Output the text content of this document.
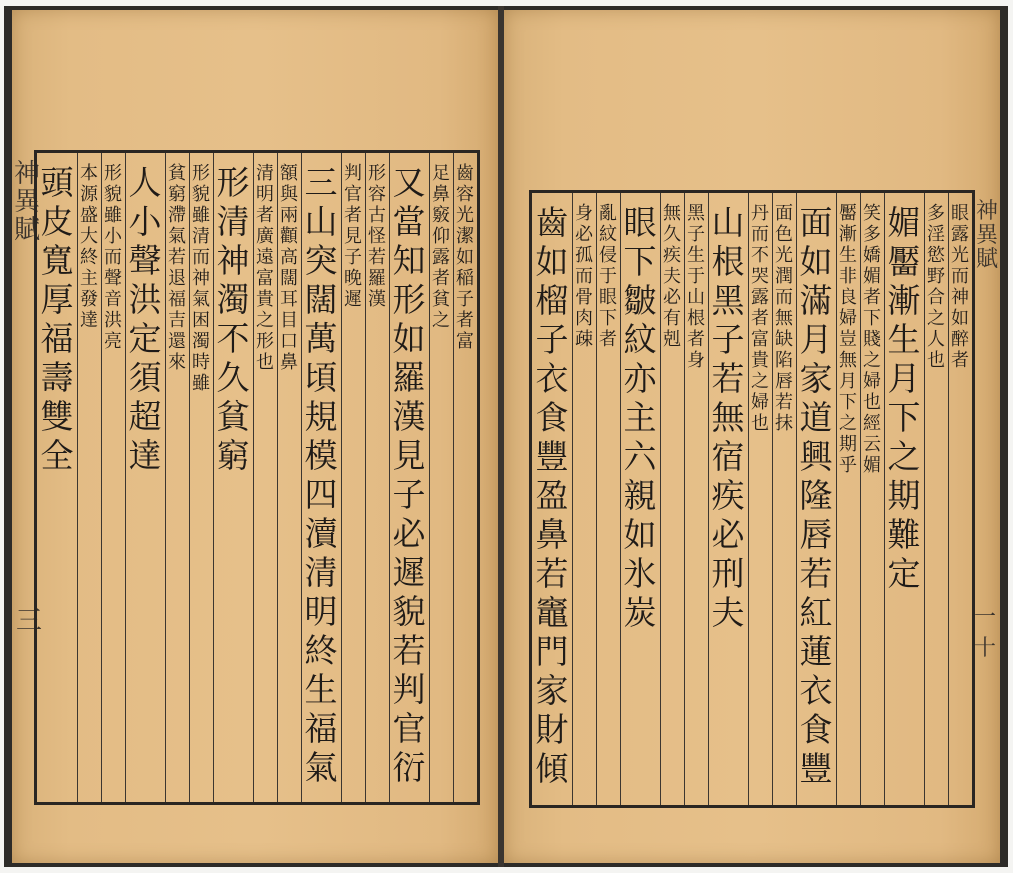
神
異
賦
三
齒
容
光
潔
如
稲
子
者
富
足
鼻
竅
仰
露
者
貧
之
又
當
知
形
如
羅
漢
見
子
必
遲
貌
若
判
官
衍
形
容
古
怪
若
羅
漢
判
官
者
見
子
晚
遲
三
山
突
闊
萬
頃
規
模
四
瀆
清
明
終
生
福
氣
額
與
兩
顴
高
闊
耳
目
口
鼻
清
明
者
廣
遠
富
貴
之
形
也
形
清
神
濁
不
久
貧
窮
形
貌
雖
清
而
神
氣
困
濁
時
雖
貧
窮
滯
氣
若
退
福
吉
還
來
人
小
聲
洪
定
須
超
達
形
貌
雖
小
而
聲
音
洪
亮
本
源
盛
大
終
主
發
達
頭
皮
寬
厚
福
壽
雙
全
眼
露
光
而
神
如
醉
者
多
淫
慾
野
合
之
人
也
媚
靨
漸
生
月
下
之
期
難
定
笑
多
嬌
媚
者
下
賤
之
婦
也
經
云
媚
靨
漸
生
非
良
婦
豈
無
月
下
之
期
乎
面
如
滿
月
家
道
興
隆
唇
若
紅
蓮
衣
食
豐
面
色
光
潤
而
無
缺
陷
唇
若
抹
丹
而
不
哭
露
者
富
貴
之
婦
也
山
根
黑
子
若
無
宿
疾
必
刑
夫
黑
子
生
于
山
根
者
身
無
久
疾
夫
必
有
剋
眼
下
皺
紋
亦
主
六
親
如
氷
炭
亂
紋
侵
于
眼
下
者
身
必
孤
而
骨
肉
疎
齒
如
榴
子
衣
食
豐
盈
鼻
若
竈
門
家
財
傾
神
異
賦
一十
